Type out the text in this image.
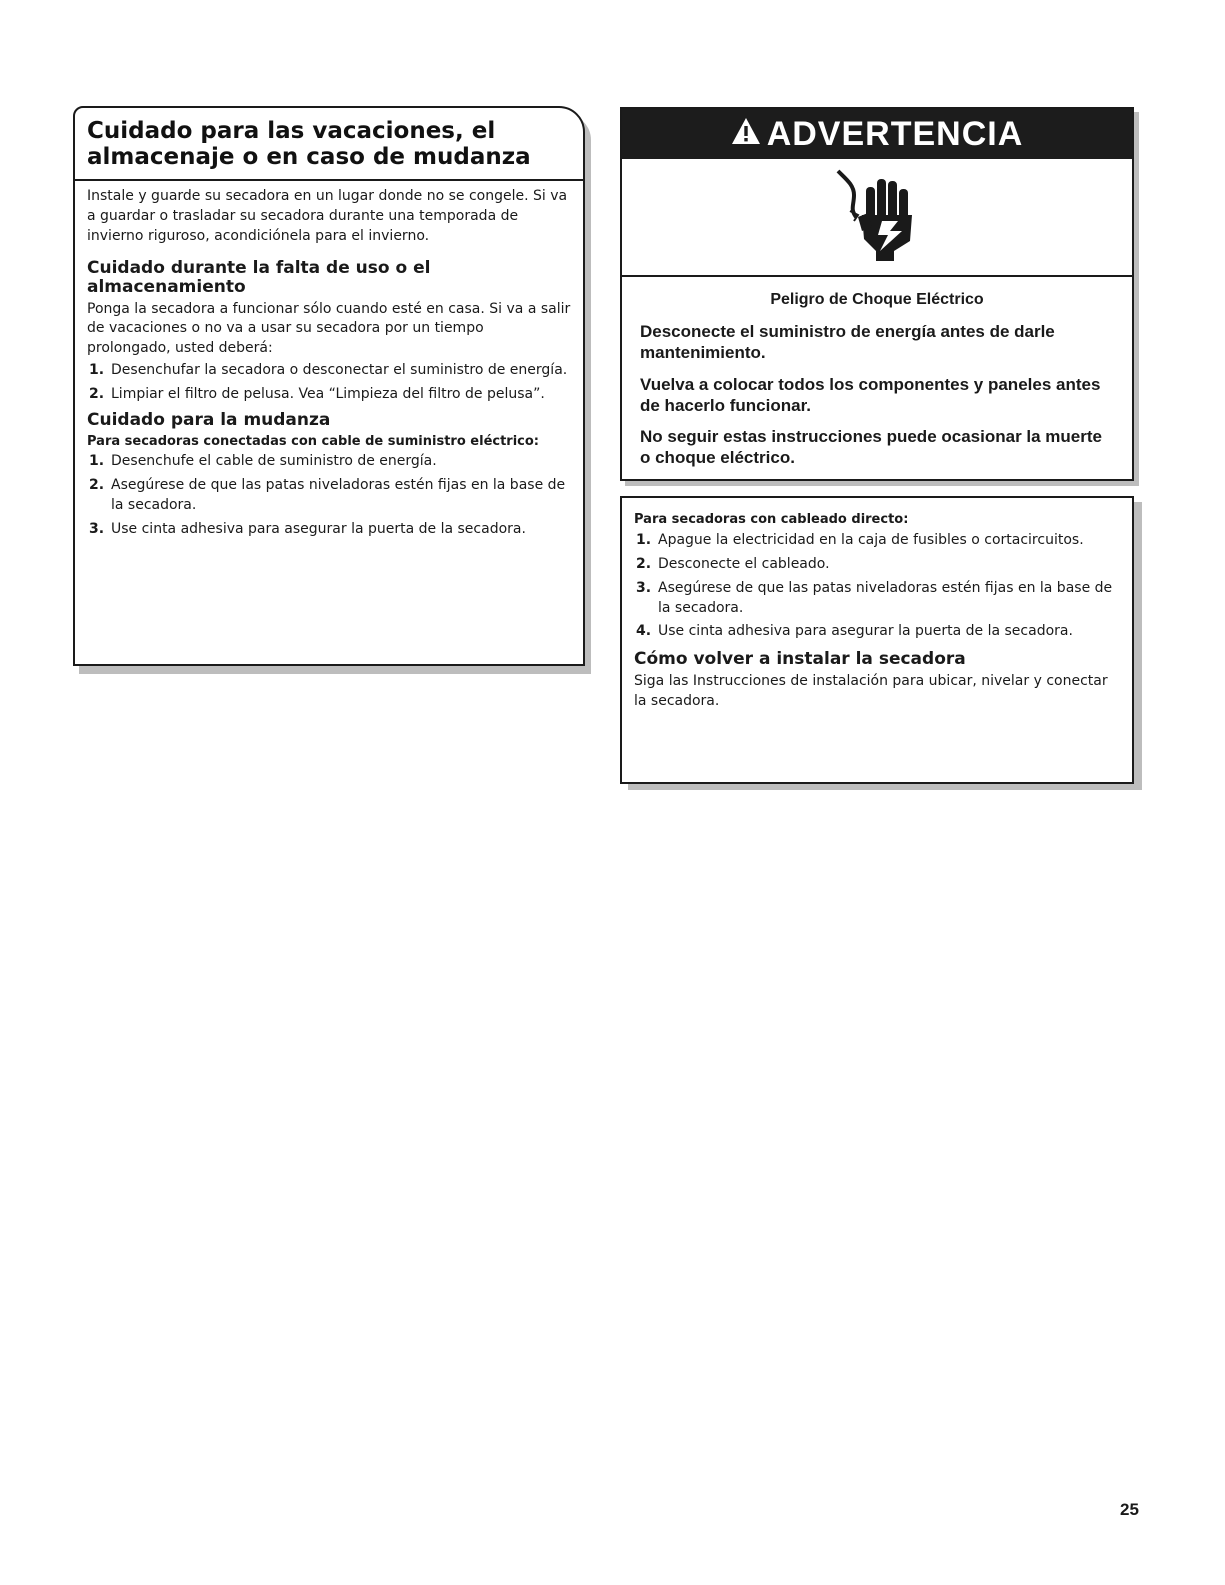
Cuidado para las vacaciones, el almacenaje o en caso de mudanza

Instale y guarde su secadora en un lugar donde no se congele. Si va a guardar o trasladar su secadora durante una temporada de invierno riguroso, acondiciónela para el invierno.

Cuidado durante la falta de uso o el almacenamiento

Ponga la secadora a funcionar sólo cuando esté en casa. Si va a salir de vacaciones o no va a usar su secadora por un tiempo prolongado, usted deberá:

1. Desenchufar la secadora o desconectar el suministro de energía.
2. Limpiar el filtro de pelusa. Vea “Limpieza del filtro de pelusa”.
Cuidado para la mudanza
Para secadoras conectadas con cable de suministro eléctrico:
1. Desenchufe el cable de suministro de energía.
2. Asegúrese de que las patas niveladoras estén fijas en la base de la secadora.
3. Use cinta adhesiva para asegurar la puerta de la secadora.
ADVERTENCIA
Peligro de Choque Eléctrico

Desconecte el suministro de energía antes de darle mantenimiento.

Vuelva a colocar todos los componentes y paneles antes de hacerlo funcionar.

No seguir estas instrucciones puede ocasionar la muerte o choque eléctrico.

Para secadoras con cableado directo:
1. Apague la electricidad en la caja de fusibles o cortacircuitos.
2. Desconecte el cableado.
3. Asegúrese de que las patas niveladoras estén fijas en la base de la secadora.
4. Use cinta adhesiva para asegurar la puerta de la secadora.
Cómo volver a instalar la secadora

Siga las Instrucciones de instalación para ubicar, nivelar y conectar la secadora.

25
